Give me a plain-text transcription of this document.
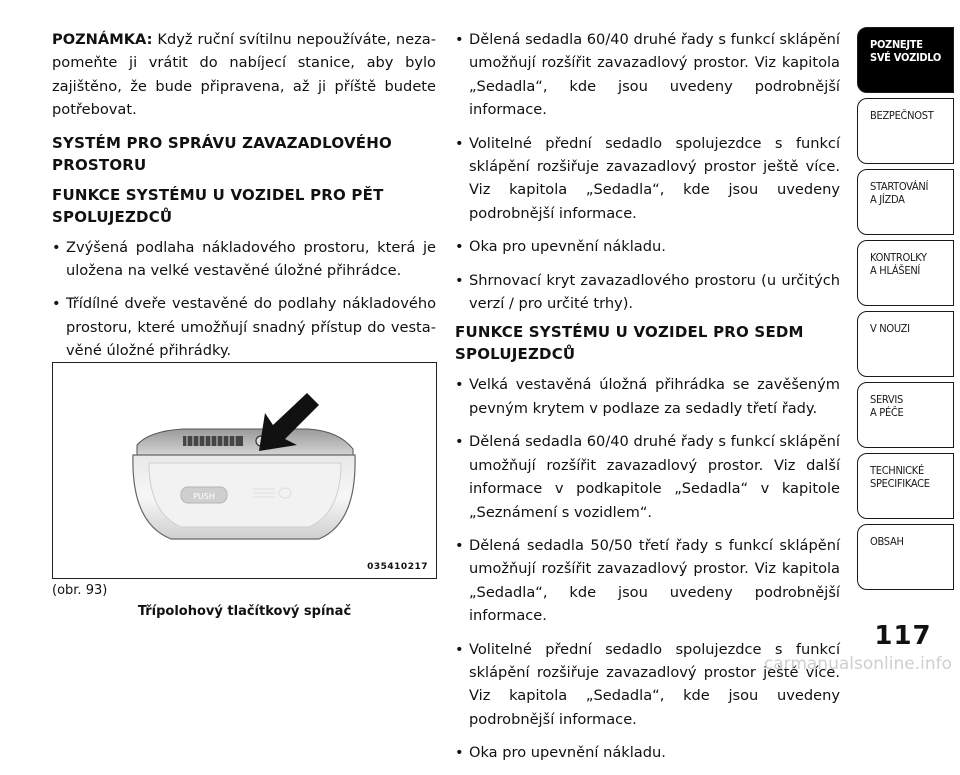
POZNÁMKA: Když ruční svítilnu nepoužíváte, nezapomeňte ji vrátit do nabíjecí stanice, aby bylo zajištěno, že bude připravena, až ji příště budete potřebovat.

SYSTÉM PRO SPRÁVU ZAVAZADLOVÉHO PROSTORU
FUNKCE SYSTÉMU U VOZIDEL PRO PĚT SPOLUJEZDCŮ
• Zvýšená podlaha nákladového prostoru, která je uložena na velké vestavěné úložné přihrádce.
• Třídílné dveře vestavěné do podlahy nákladového prostoru, které umožňují snadný přístup do vestavěné úložné přihrádky.
PUSH
035410217
(obr. 93)
Třípolohový tlačítkový spínač
• Dělená sedadla 60/40 druhé řady s funkcí sklápění umožňují rozšířit zavazadlový prostor. Viz kapitola „Sedadla“, kde jsou uvedeny podrobnější informace.
• Volitelné přední sedadlo spolujezdce s funkcí sklápění rozšiřuje zavazadlový prostor ještě více. Viz kapitola „Sedadla“, kde jsou uvedeny podrobnější informace.
• Oka pro upevnění nákladu.
• Shrnovací kryt zavazadlového prostoru (u určitých verzí / pro určité trhy).
FUNKCE SYSTÉMU U VOZIDEL PRO SEDM SPOLUJEZDCŮ
• Velká vestavěná úložná přihrádka se zavěšeným pevným krytem v podlaze za sedadly třetí řady.
• Dělená sedadla 60/40 druhé řady s funkcí sklápění umožňují rozšířit zavazadlový prostor. Viz další informace v podkapitole „Sedadla“ v kapitole „Seznámení s vozidlem“.
• Dělená sedadla 50/50 třetí řady s funkcí sklápění umožňují rozšířit zavazadlový prostor. Viz kapitola „Sedadla“, kde jsou uvedeny podrobnější informace.
• Volitelné přední sedadlo spolujezdce s funkcí sklápění rozšiřuje zavazadlový prostor ještě více. Viz kapitola „Sedadla“, kde jsou uvedeny podrobnější informace.
• Oka pro upevnění nákladu.
POZNEJTE
SVÉ VOZIDLO
BEZPEČNOST
STARTOVÁNÍ
A JÍZDA
KONTROLKY
A HLÁŠENÍ
V NOUZI
SERVIS
A PÉČE
TECHNICKÉ
SPECIFIKACE
OBSAH
117
carmanualsonline.info
